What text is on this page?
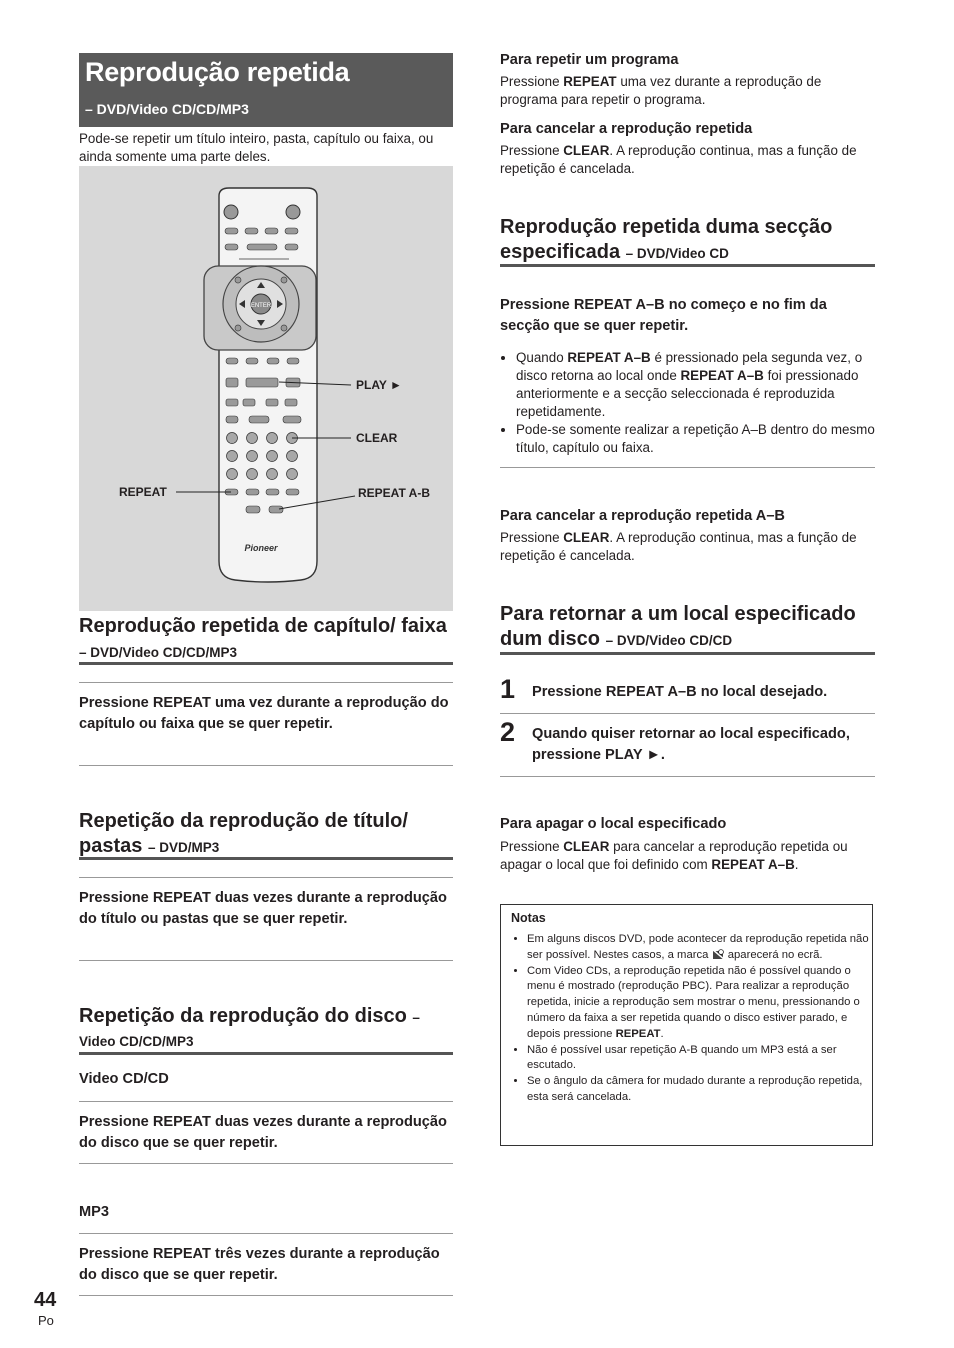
Reprodução repetida
– DVD/Video CD/CD/MP3

Pode-se repetir um título inteiro, pasta, capítulo ou faixa, ou ainda somente uma parte deles.

ENTER
Pioneer
PLAY ►
CLEAR
REPEAT	REPEAT A-B
Reprodução repetida de capítulo/ faixa – DVD/Video CD/CD/MP3

Pressione REPEAT uma vez durante a reprodução do capítulo ou faixa que se quer repetir.

Repetição da reprodução de título/ pastas – DVD/MP3

Pressione REPEAT duas vezes durante a reprodução do título ou pastas que se quer repetir.

Repetição da reprodução do disco –
Video CD/CD/MP3
Video CD/CD

Pressione REPEAT duas vezes durante a reprodução do disco que se quer repetir.

MP3

Pressione REPEAT três vezes durante a reprodução do disco que se quer repetir.

Para repetir um programa

Pressione REPEAT uma vez durante a reprodução de programa para repetir o programa.

Para cancelar a reprodução repetida

Pressione CLEAR. A reprodução continua, mas a função de repetição é cancelada.

Reprodução repetida duma secção especificada – DVD/Video CD

Pressione REPEAT A–B no começo e no fim da secção que se quer repetir.

• Quando REPEAT A–B é pressionado pela segunda vez, o disco retorna ao local onde REPEAT A–B foi pressionado anteriormente e a secção seleccionada é reproduzida repetidamente.
• Pode-se somente realizar a repetição A–B dentro do mesmo título, capítulo ou faixa.
Para cancelar a reprodução repetida A–B

Pressione CLEAR. A reprodução continua, mas a função de repetição é cancelada.

Para retornar a um local especificado dum disco – DVD/Video CD/CD
1 Pressione REPEAT A–B no local desejado.

2 Quando quiser retornar ao local especificado, pressione PLAY ►.

Para apagar o local especificado

Pressione CLEAR para cancelar a reprodução repetida ou apagar o local que foi definido com REPEAT A–B.

Notas
• Em alguns discos DVD, pode acontecer da reprodução repetida não ser possível. Nestes casos, a marca aparecerá no ecrã.
• Com Video CDs, a reprodução repetida não é possível quando o menu é mostrado (reprodução PBC). Para realizar a reprodução repetida, inicie a reprodução sem mostrar o menu, pressionando o número da faixa a ser repetida quando o disco estiver parado, e depois pressione REPEAT.
• Não é possível usar repetição A-B quando um MP3 está a ser escutado.
• Se o ângulo da câmera for mudado durante a reprodução repetida, esta será cancelada.
44
Po
